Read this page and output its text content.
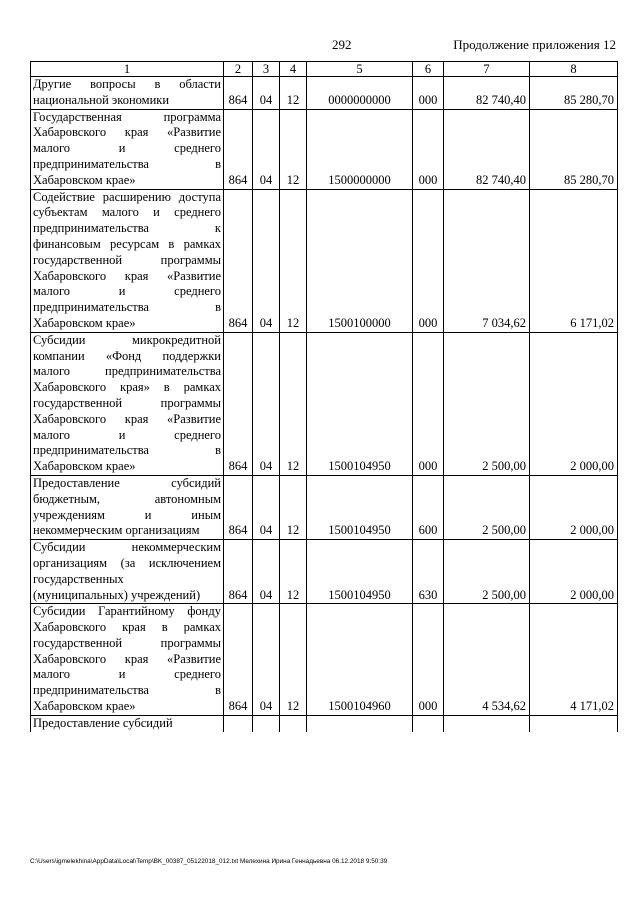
292	Продолжение приложения 12
1	2	3	4	5	6	7	8
Другие вопросы в области национальной экономики	864	04	12	0000000000	000	82 740,40	85 280,70
Государственная программа Хабаровского края «Развитие малого и среднего предпринимательства в Хабаровском крае»	864	04	12	1500000000	000	82 740,40	85 280,70
Содействие расширению доступа субъектам малого и среднего предпринимательства к финансовым ресурсам в рамках государственной программы Хабаровского края «Развитие малого и среднего предпринимательства в Хабаровском крае»	864	04	12	1500100000	000	7 034,62	6 171,02
Субсидии микрокредитной компании «Фонд поддержки малого предпринимательства Хабаровского края» в рамках государственной программы Хабаровского края «Развитие малого и среднего предпринимательства в Хабаровском крае»	864	04	12	1500104950	000	2 500,00	2 000,00
Предоставление субсидий бюджетным, автономным учреждениям и иным некоммерческим организациям	864	04	12	1500104950	600	2 500,00	2 000,00
Субсидии некоммерческим организациям (за исключением государственных (муниципальных) учреждений)	864	04	12	1500104950	630	2 500,00	2 000,00
Субсидии Гарантийному фонду Хабаровского края в рамках государственной программы Хабаровского края «Развитие малого и среднего предпринимательства в Хабаровском крае»	864	04	12	1500104960	000	4 534,62	4 171,02
Предоставление субсидий							
C:\Users\igmelekhina\AppData\Local\Temp\BK_00387_05122018_012.txt Мелехина Ирина Геннадьевна 06.12.2018 9:50:39
